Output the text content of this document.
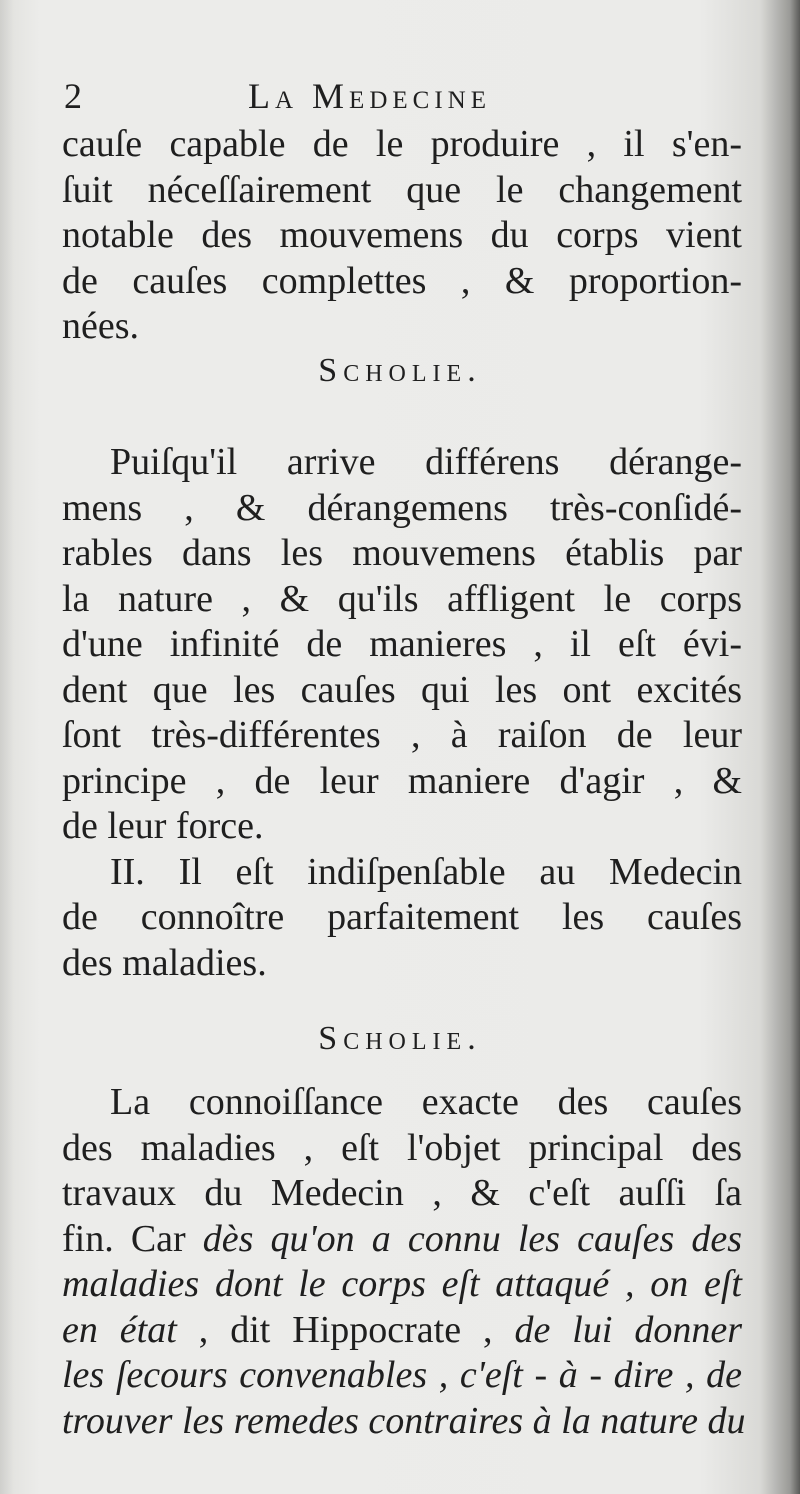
2	La Medecine
cauſe capable de le produire , il s'en-
ſuit néceſſairement que le changement
notable des mouvemens du corps vient
de cauſes complettes , & proportion-
nées.
Scholie.
Puiſqu'il arrive différens dérange-
mens , & dérangemens très-conſidé-
rables dans les mouvemens établis par
la nature , & qu'ils affligent le corps
d'une infinité de manieres , il eſt évi-
dent que les cauſes qui les ont excités
ſont très-différentes , à raiſon de leur
principe , de leur maniere d'agir , &
de leur force.
II. Il eſt indiſpenſable au Medecin
de connoître parfaitement les cauſes
des maladies.
Scholie.
La connoiſſance exacte des cauſes
des maladies , eſt l'objet principal des
travaux du Medecin , & c'eſt auſſi ſa
fin. Car dès qu'on a connu les cauſes des
maladies dont le corps eſt attaqué , on eſt
en état , dit Hippocrate , de lui donner
les ſecours convenables , c'eſt - à - dire , de
trouver les remedes contraires à la nature du
